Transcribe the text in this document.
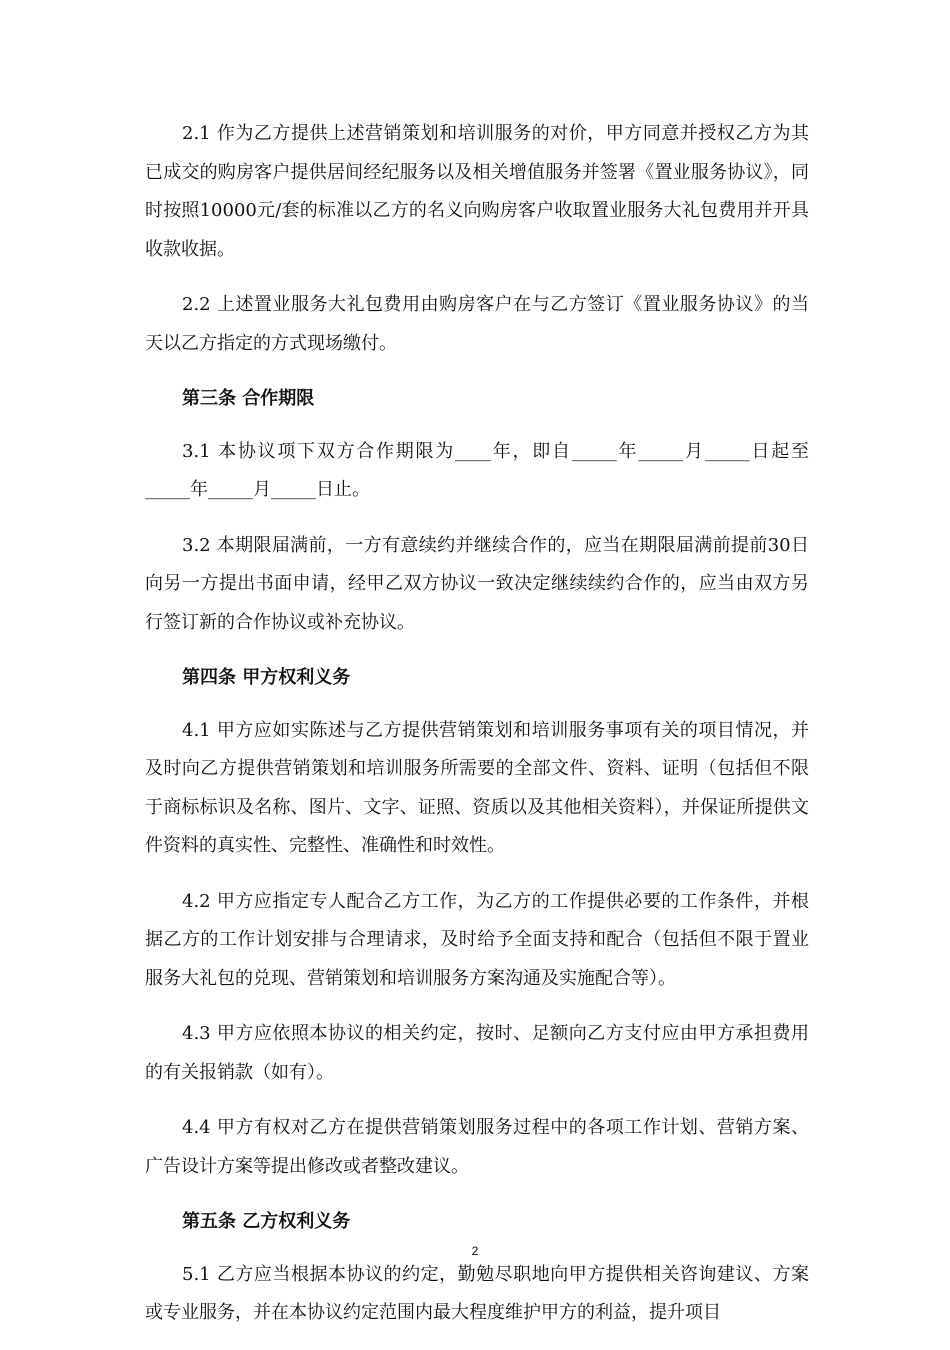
2.1 作为乙方提供上述营销策划和培训服务的对价，甲方同意并授权乙方为其已成交的购房客户提供居间经纪服务以及相关增值服务并签署《置业服务协议》，同时按照10000元/套的标准以乙方的名义向购房客户收取置业服务大礼包费用并开具收款收据。

2.2 上述置业服务大礼包费用由购房客户在与乙方签订《置业服务协议》的当天以乙方指定的方式现场缴付。

第三条 合作期限

3.1 本协议项下双方合作期限为____年，即自_____年_____月_____日起至_____年_____月_____日止。

3.2 本期限届满前，一方有意续约并继续合作的，应当在期限届满前提前30日向另一方提出书面申请，经甲乙双方协议一致决定继续续约合作的，应当由双方另行签订新的合作协议或补充协议。

第四条 甲方权利义务

4.1 甲方应如实陈述与乙方提供营销策划和培训服务事项有关的项目情况，并及时向乙方提供营销策划和培训服务所需要的全部文件、资料、证明（包括但不限于商标标识及名称、图片、文字、证照、资质以及其他相关资料），并保证所提供文件资料的真实性、完整性、准确性和时效性。

4.2 甲方应指定专人配合乙方工作，为乙方的工作提供必要的工作条件，并根据乙方的工作计划安排与合理请求，及时给予全面支持和配合（包括但不限于置业服务大礼包的兑现、营销策划和培训服务方案沟通及实施配合等）。

4.3 甲方应依照本协议的相关约定，按时、足额向乙方支付应由甲方承担费用的有关报销款（如有）。

4.4 甲方有权对乙方在提供营销策划服务过程中的各项工作计划、营销方案、广告设计方案等提出修改或者整改建议。

第五条 乙方权利义务

5.1 乙方应当根据本协议的约定，勤勉尽职地向甲方提供相关咨询建议、方案或专业服务，并在本协议约定范围内最大程度维护甲方的利益，提升项目

2
